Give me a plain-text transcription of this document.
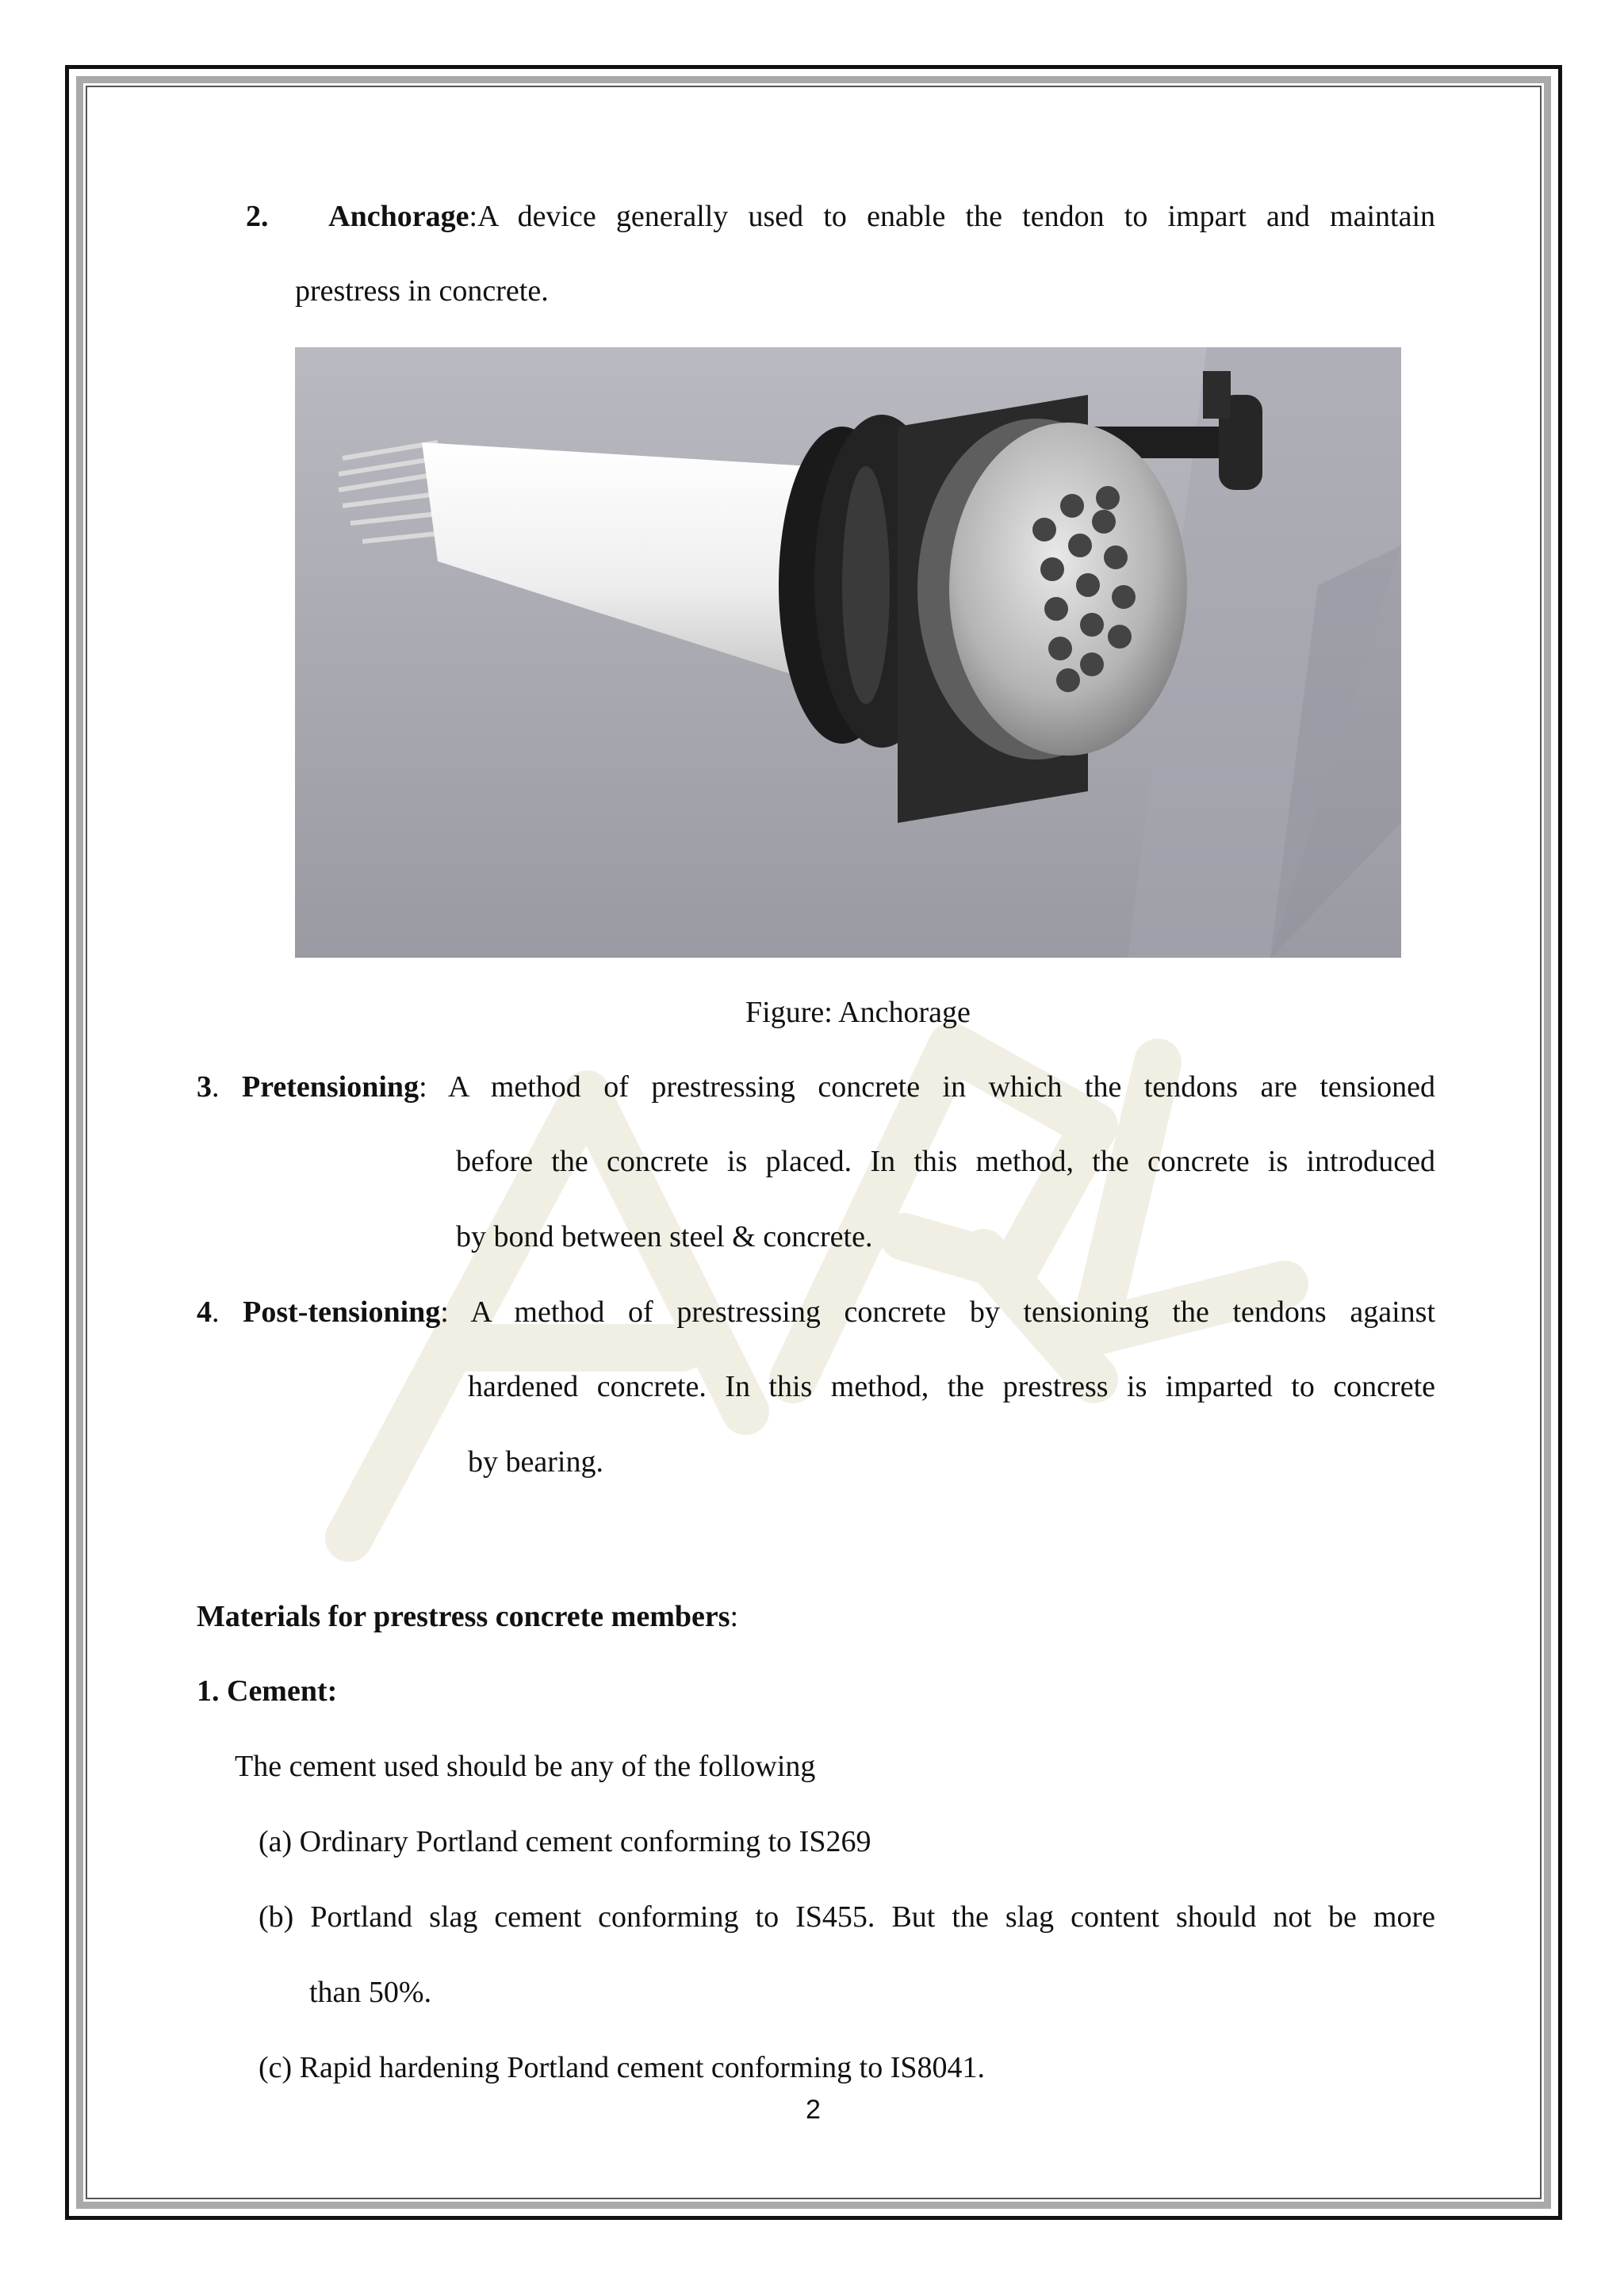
2. Anchorage:A device generally used to enable the tendon to impart and maintain
prestress in concrete.
Figure: Anchorage
3. Pretensioning: A method of prestressing concrete in which the tendons are tensioned
before the concrete is placed. In this method, the concrete is introduced
by bond between steel & concrete.
4. Post-tensioning: A method of prestressing concrete by tensioning the tendons against
hardened concrete. In this method, the prestress is imparted to concrete
by bearing.
Materials for prestress concrete members:
1. Cement:
The cement used should be any of the following
(a) Ordinary Portland cement conforming to IS269
(b) Portland slag cement conforming to IS455. But the slag content should not be more
than 50%.
(c) Rapid hardening Portland cement conforming to IS8041.
2
